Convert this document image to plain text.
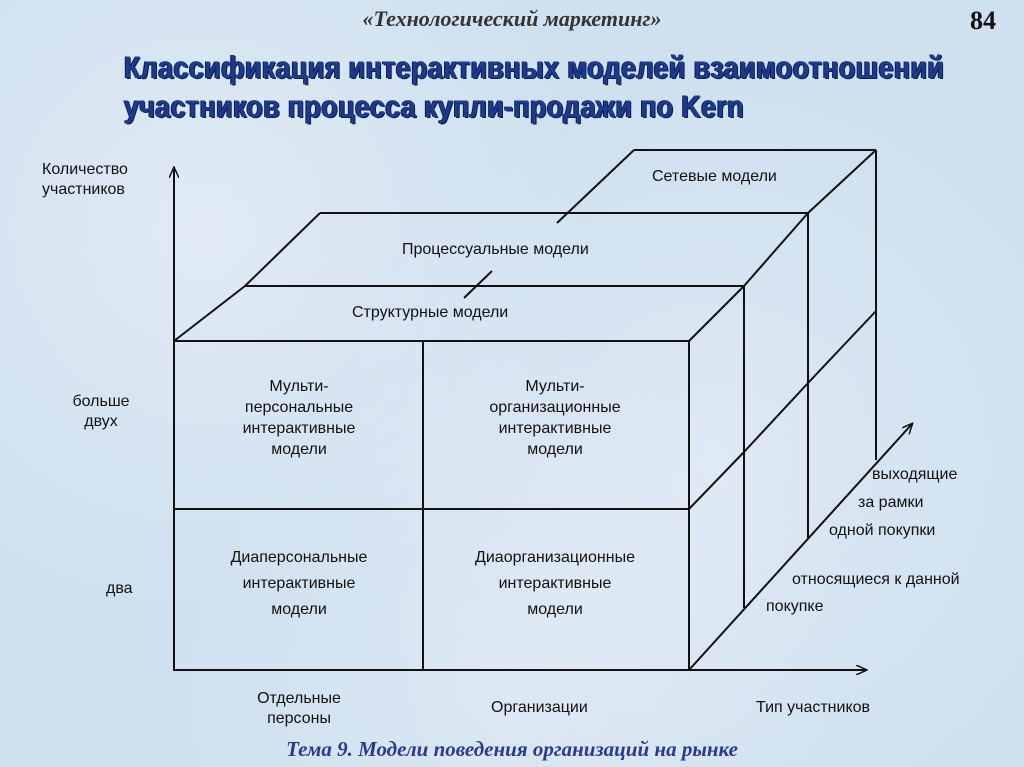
«Технологический маркетинг»	84
Классификация интерактивных моделей взаимоотношений
участников процесса купли-продажи по Kern
Количество
участников
больше двух
два
Отдельные персоны
Организации	Тип участников
относящиеся к данной
покупке
выходящие
за рамки
одной покупки
Структурные модели
Процессуальные модели
Сетевые модели
Мульти-
персональные
интерактивные
модели
Мульти-
организационные
интерактивные
модели
Диаперсональные
интерактивные
модели
Диаорганизационные
интерактивные
модели
Тема 9. Модели поведения организаций на рынке
